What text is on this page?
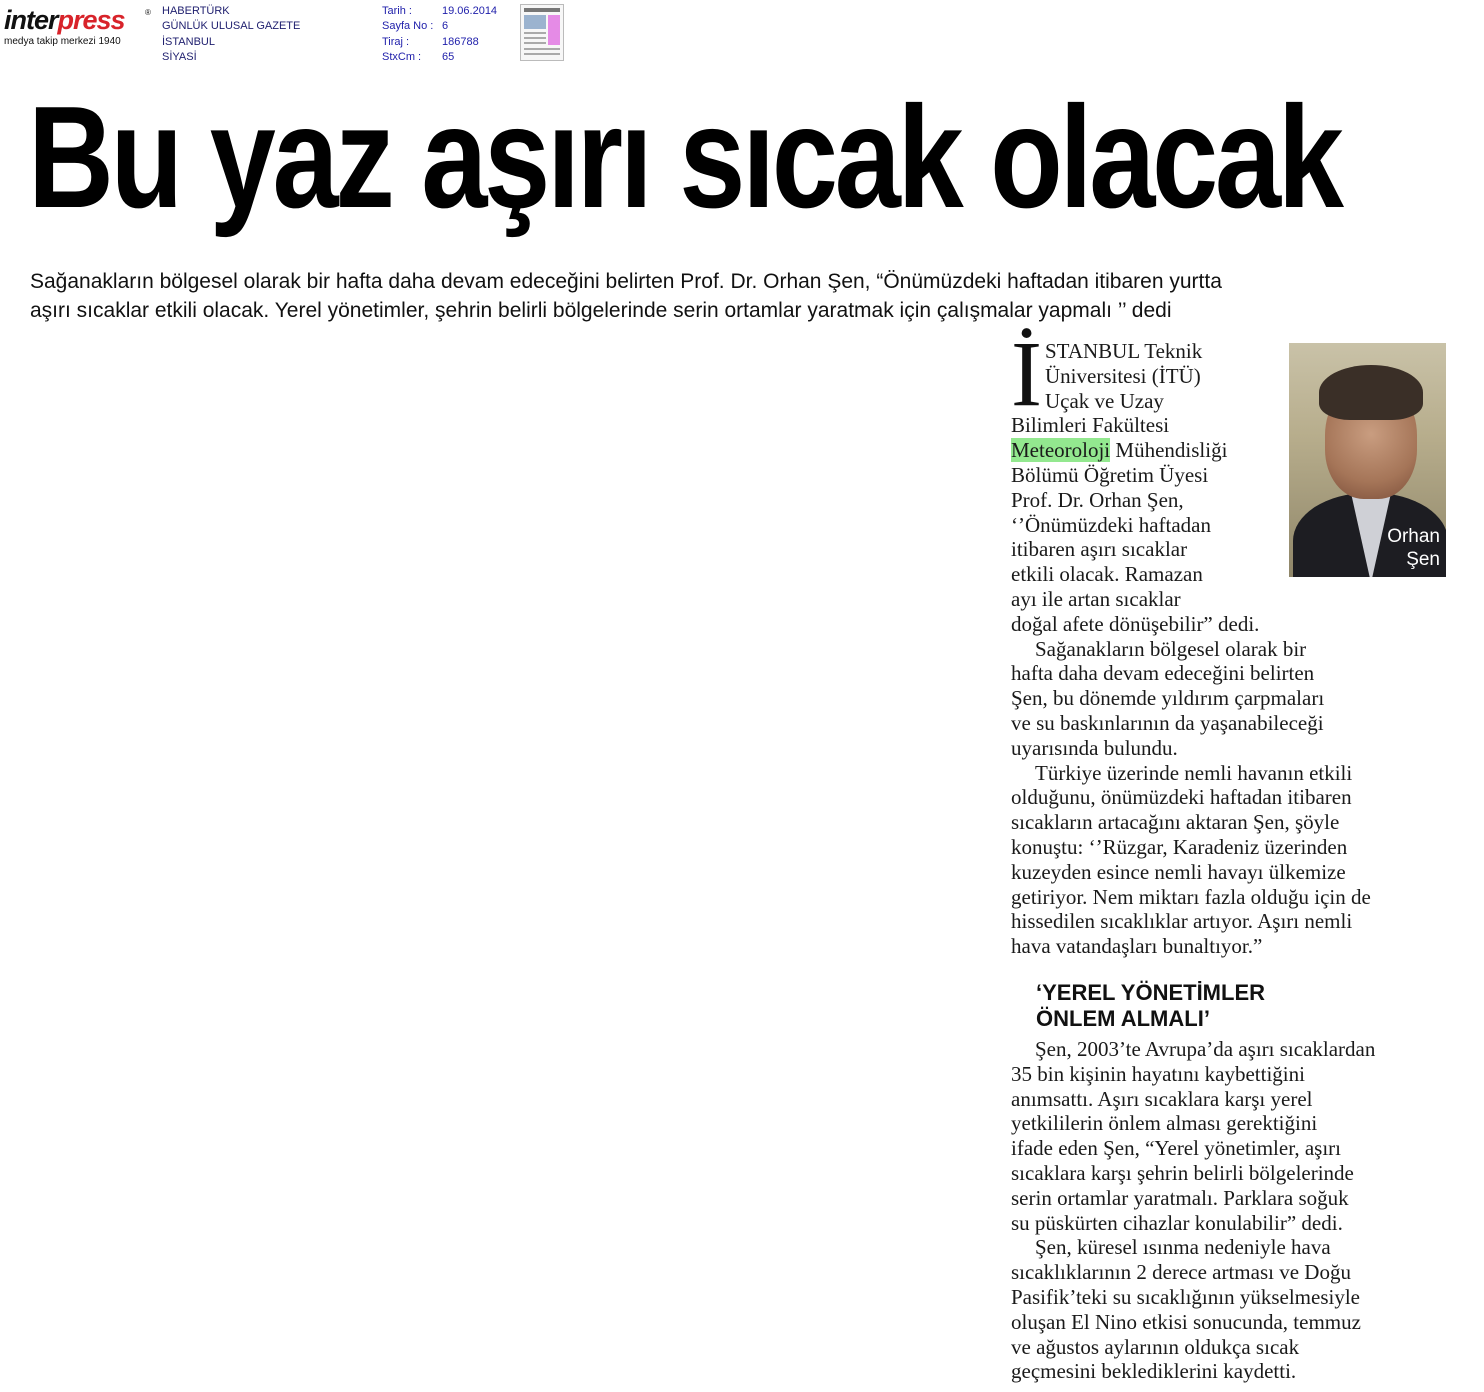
interpress	®
medya takip merkezi 1940
HABERTÜRK
GÜNLÜK ULUSAL GAZETE
İSTANBUL
SİYASİ
Tarih :	19.06.2014
Sayfa No : 6
Tiraj :	186788
StxCm :	65
Bu yaz aşırı sıcak olacak

Sağanakların bölgesel olarak bir hafta daha devam edeceğini belirten Prof. Dr. Orhan Şen, “Önümüzdeki haftadan itibaren yurtta

aşırı sıcaklar etkili olacak. Yerel yönetimler, şehrin belirli bölgelerinde serin ortamlar yaratmak için çalışmalar yapmalı ’’ dedi

Orhan
Şen
İ STANBUL Teknik
Üniversitesi (İTÜ)
Uçak ve Uzay
Bilimleri Fakültesi
Meteoroloji Mühendisliği
Bölümü Öğretim Üyesi
Prof. Dr. Orhan Şen,
‘’Önümüzdeki haftadan
itibaren aşırı sıcaklar
etkili olacak. Ramazan
ayı ile artan sıcaklar
doğal afete dönüşebilir” dedi.
Sağanakların bölgesel olarak bir
hafta daha devam edeceğini belirten
Şen, bu dönemde yıldırım çarpmaları
ve su baskınlarının da yaşanabileceği
uyarısında bulundu.
Türkiye üzerinde nemli havanın etkili
olduğunu, önümüzdeki haftadan itibaren
sıcakların artacağını aktaran Şen, şöyle
konuştu: ‘’Rüzgar, Karadeniz üzerinden
kuzeyden esince nemli havayı ülkemize
getiriyor. Nem miktarı fazla olduğu için de
hissedilen sıcaklıklar artıyor. Aşırı nemli
hava vatandaşları bunaltıyor.”
‘YEREL YÖNETİMLER
ÖNLEM ALMALI’
Şen, 2003’te Avrupa’da aşırı sıcaklardan
35 bin kişinin hayatını kaybettiğini
anımsattı. Aşırı sıcaklara karşı yerel
yetkililerin önlem alması gerektiğini
ifade eden Şen, “Yerel yönetimler, aşırı
sıcaklara karşı şehrin belirli bölgelerinde
serin ortamlar yaratmalı. Parklara soğuk
su püskürten cihazlar konulabilir” dedi.
Şen, küresel ısınma nedeniyle hava
sıcaklıklarının 2 derece artması ve Doğu
Pasifik’teki su sıcaklığının yükselmesiyle
oluşan El Nino etkisi sonucunda, temmuz
ve ağustos aylarının oldukça sıcak
geçmesini beklediklerini kaydetti.
